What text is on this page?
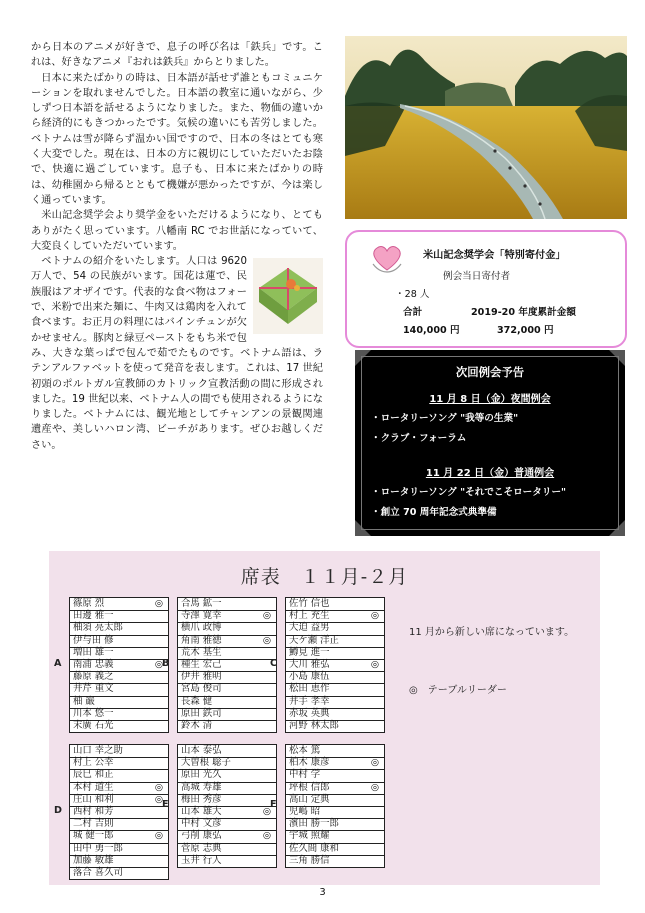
から日本のアニメが好きで、息子の呼び名は「鉄兵」です。これは、好きなアニメ『おれは鉄兵』からとりました。

日本に来たばかりの時は、日本語が話せず誰ともコミュニケーションを取れませんでした。日本語の教室に通いながら、少しずつ日本語を話せるようになりました。また、物価の違いから経済的にもきつかったです。気候の違いにも苦労しました。ベトナムは雪が降らず温かい国ですので、日本の冬はとても寒く大変でした。現在は、日本の方に親切にしていただいたお陰で、快適に過ごしています。息子も、日本に来たばかりの時は、幼稚園から帰るとともて機嫌が悪かったですが、今は楽しく通っています。

米山記念奨学会より奨学金をいただけるようになり、とてもありがたく思っています。八幡南 RC でお世話になっていて、大変良くしていただいています。

ベトナムの紹介をいたします。人口は 9620 万人で、54 の民族がいます。国花は蓮で、民族服はアオザイです。代表的な食べ物はフォーで、米粉で出来た麺に、牛肉又は鶏肉を入れて食べます。お正月の料理にはバインチュンが欠かせません。豚肉と緑豆ペーストをもち米で包み、大きな葉っぱで包んで茹でたものです。ベトナム語は、ラテンアルファベットを使って発音を表します。これは、17 世紀初頭のポルトガル宣教師のカトリック宣教活動の間に形成されました。19 世紀以来、ベトナム人の間でも使用されるようになりました。ベトナムには、観光地としてチャンアンの景観関連遺産や、美しいハロン湾、ビーチがあります。ぜひお越しください。

米山記念奨学会「特別寄付金」
例会当日寄付者
・28 人
合計	2019-20 年度累計金額
140,000 円	372,000 円
次回例会予告
11 月 8 日（金）夜間例会
・ロータリーソング "我等の生業"
・クラブ・フォーラム
11 月 22 日（金）普通例会
・ロータリーソング "それでこそロータリー"
・創立 70 周年記念式典準備
席表　１１月-２月
篠原 烈	◎
田邊 雅一
柚須 亮太郎
伊与田 修
増田 雄一
南浦 忠義	◎
藤原 義之
井芹 重文
柚 巌
川本 悠一
末廣 石光
A
合馬 鉱一
寺澤 寛幸	◎
横爪 政博
角南 雅徳	◎
荒木 基生
種生 宏己
伊井 雅明
宮島 俊司
長森 健
原田 鉄司
鈴木 清
B
佐竹 信也
村上 充生	◎
大迫 益男
天ケ瀬 洋正
鱒見 進一
大川 雅弘	◎
小島 康伍
松田 恵作
井手 孝幸
赤坂 英典
河野 林太郎
C
山口 幸之助
村上 公幸
辰巳 和正
本村 道生	◎
庄山 和利	◎
西村 和芳
二村 吉則
城 健一郎	◎
田中 勇一郎
加藤 敏雄
落合 喜久司
D
山本 泰弘
大曽根 聡子
原田 光久
高城 寿雄
梅田 秀彦
山本 雄大	◎
中村 文彦
弓削 康弘	◎
菅原 志典
玉井 行人
E
松本 篤
柏木 康彦	◎
中村 学
坪根 信郎	◎
高山 定典
児嶋 昭
濱田 勝一郎
宇城 照耀
佐久間 康和
三角 勝信
F
11 月から新しい席になっています。
◎　テーブルリーダー
3
